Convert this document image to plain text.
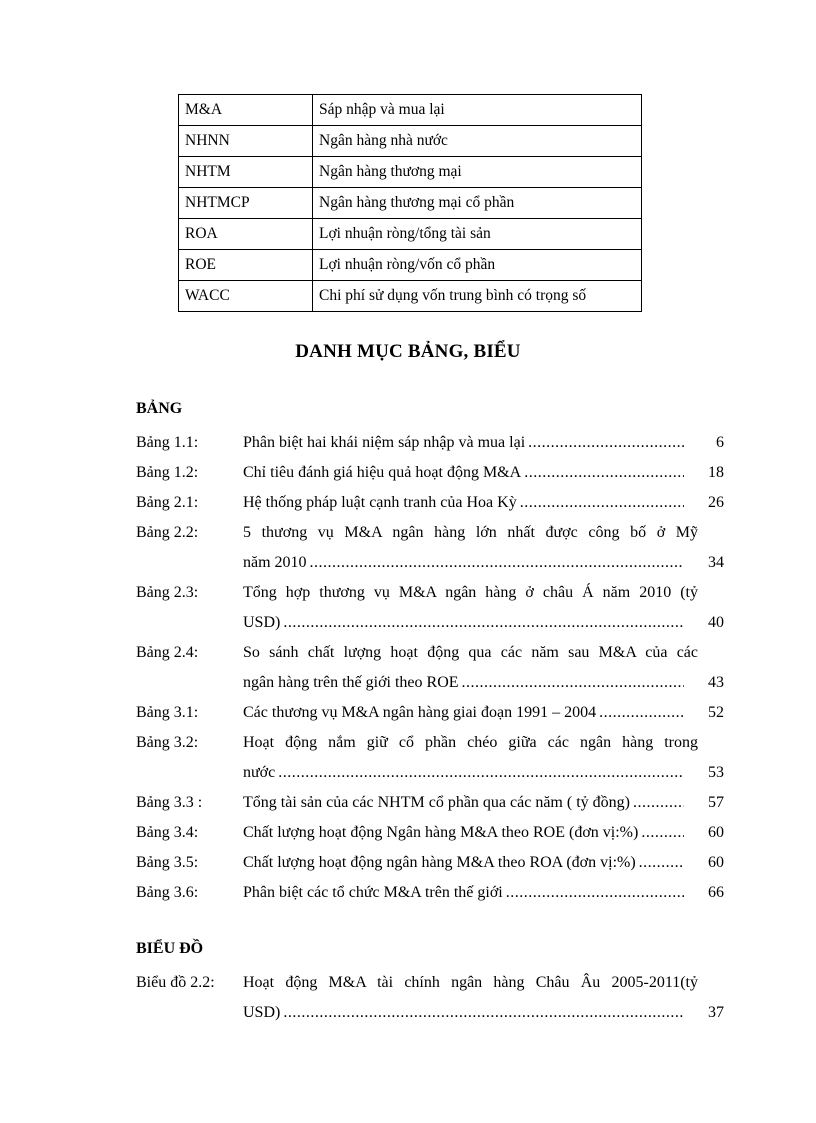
M&A	Sáp nhập và mua lại
NHNN	Ngân hàng nhà nước
NHTM	Ngân hàng thương mại
NHTMCP	Ngân hàng thương mại cổ phần
ROA	Lợi nhuận ròng/tổng tài sản
ROE	Lợi nhuận ròng/vốn cổ phần
WACC	Chi phí sử dụng vốn trung bình có trọng số
DANH MỤC BẢNG, BIỂU
BẢNG
Bảng 1.1:	Phân biệt hai khái niệm sáp nhập và mua lại .....	6
Bảng 1.2:	Chỉ tiêu đánh giá hiệu quả hoạt động M&A .....	18
Bảng 2.1:	Hệ thống pháp luật cạnh tranh của Hoa Kỳ .....	26
Bảng 2.2:	5 thương vụ M&A ngân hàng lớn nhất được công bố ở Mỹ
năm 2010 .....	34
Bảng 2.3:	Tổng hợp thương vụ M&A ngân hàng ở châu Á năm 2010 (tỷ
USD) .....	40
Bảng 2.4:	So sánh chất lượng hoạt động qua các năm sau M&A của các
ngân hàng trên thế giới theo ROE .....	43
Bảng 3.1:	Các thương vụ M&A ngân hàng giai đoạn 1991 – 2004 .....	52
Bảng 3.2:	Hoạt động nắm giữ cổ phần chéo giữa các ngân hàng trong
nước .....	53
Bảng 3.3 :	Tổng tài sản của các NHTM cổ phần qua các năm ( tỷ đồng) .....	57
Bảng 3.4:	Chất lượng hoạt động Ngân hàng M&A theo ROE (đơn vị:%) .....	60
Bảng 3.5:	Chất lượng hoạt động ngân hàng M&A theo ROA (đơn vị:%) .....	60
Bảng 3.6:	Phân biệt các tổ chức M&A trên thế giới .....	66
BIỂU ĐỒ
Biểu đồ 2.2: Hoạt động M&A tài chính ngân hàng Châu Âu 2005-2011(tỷ
USD) .....	37
